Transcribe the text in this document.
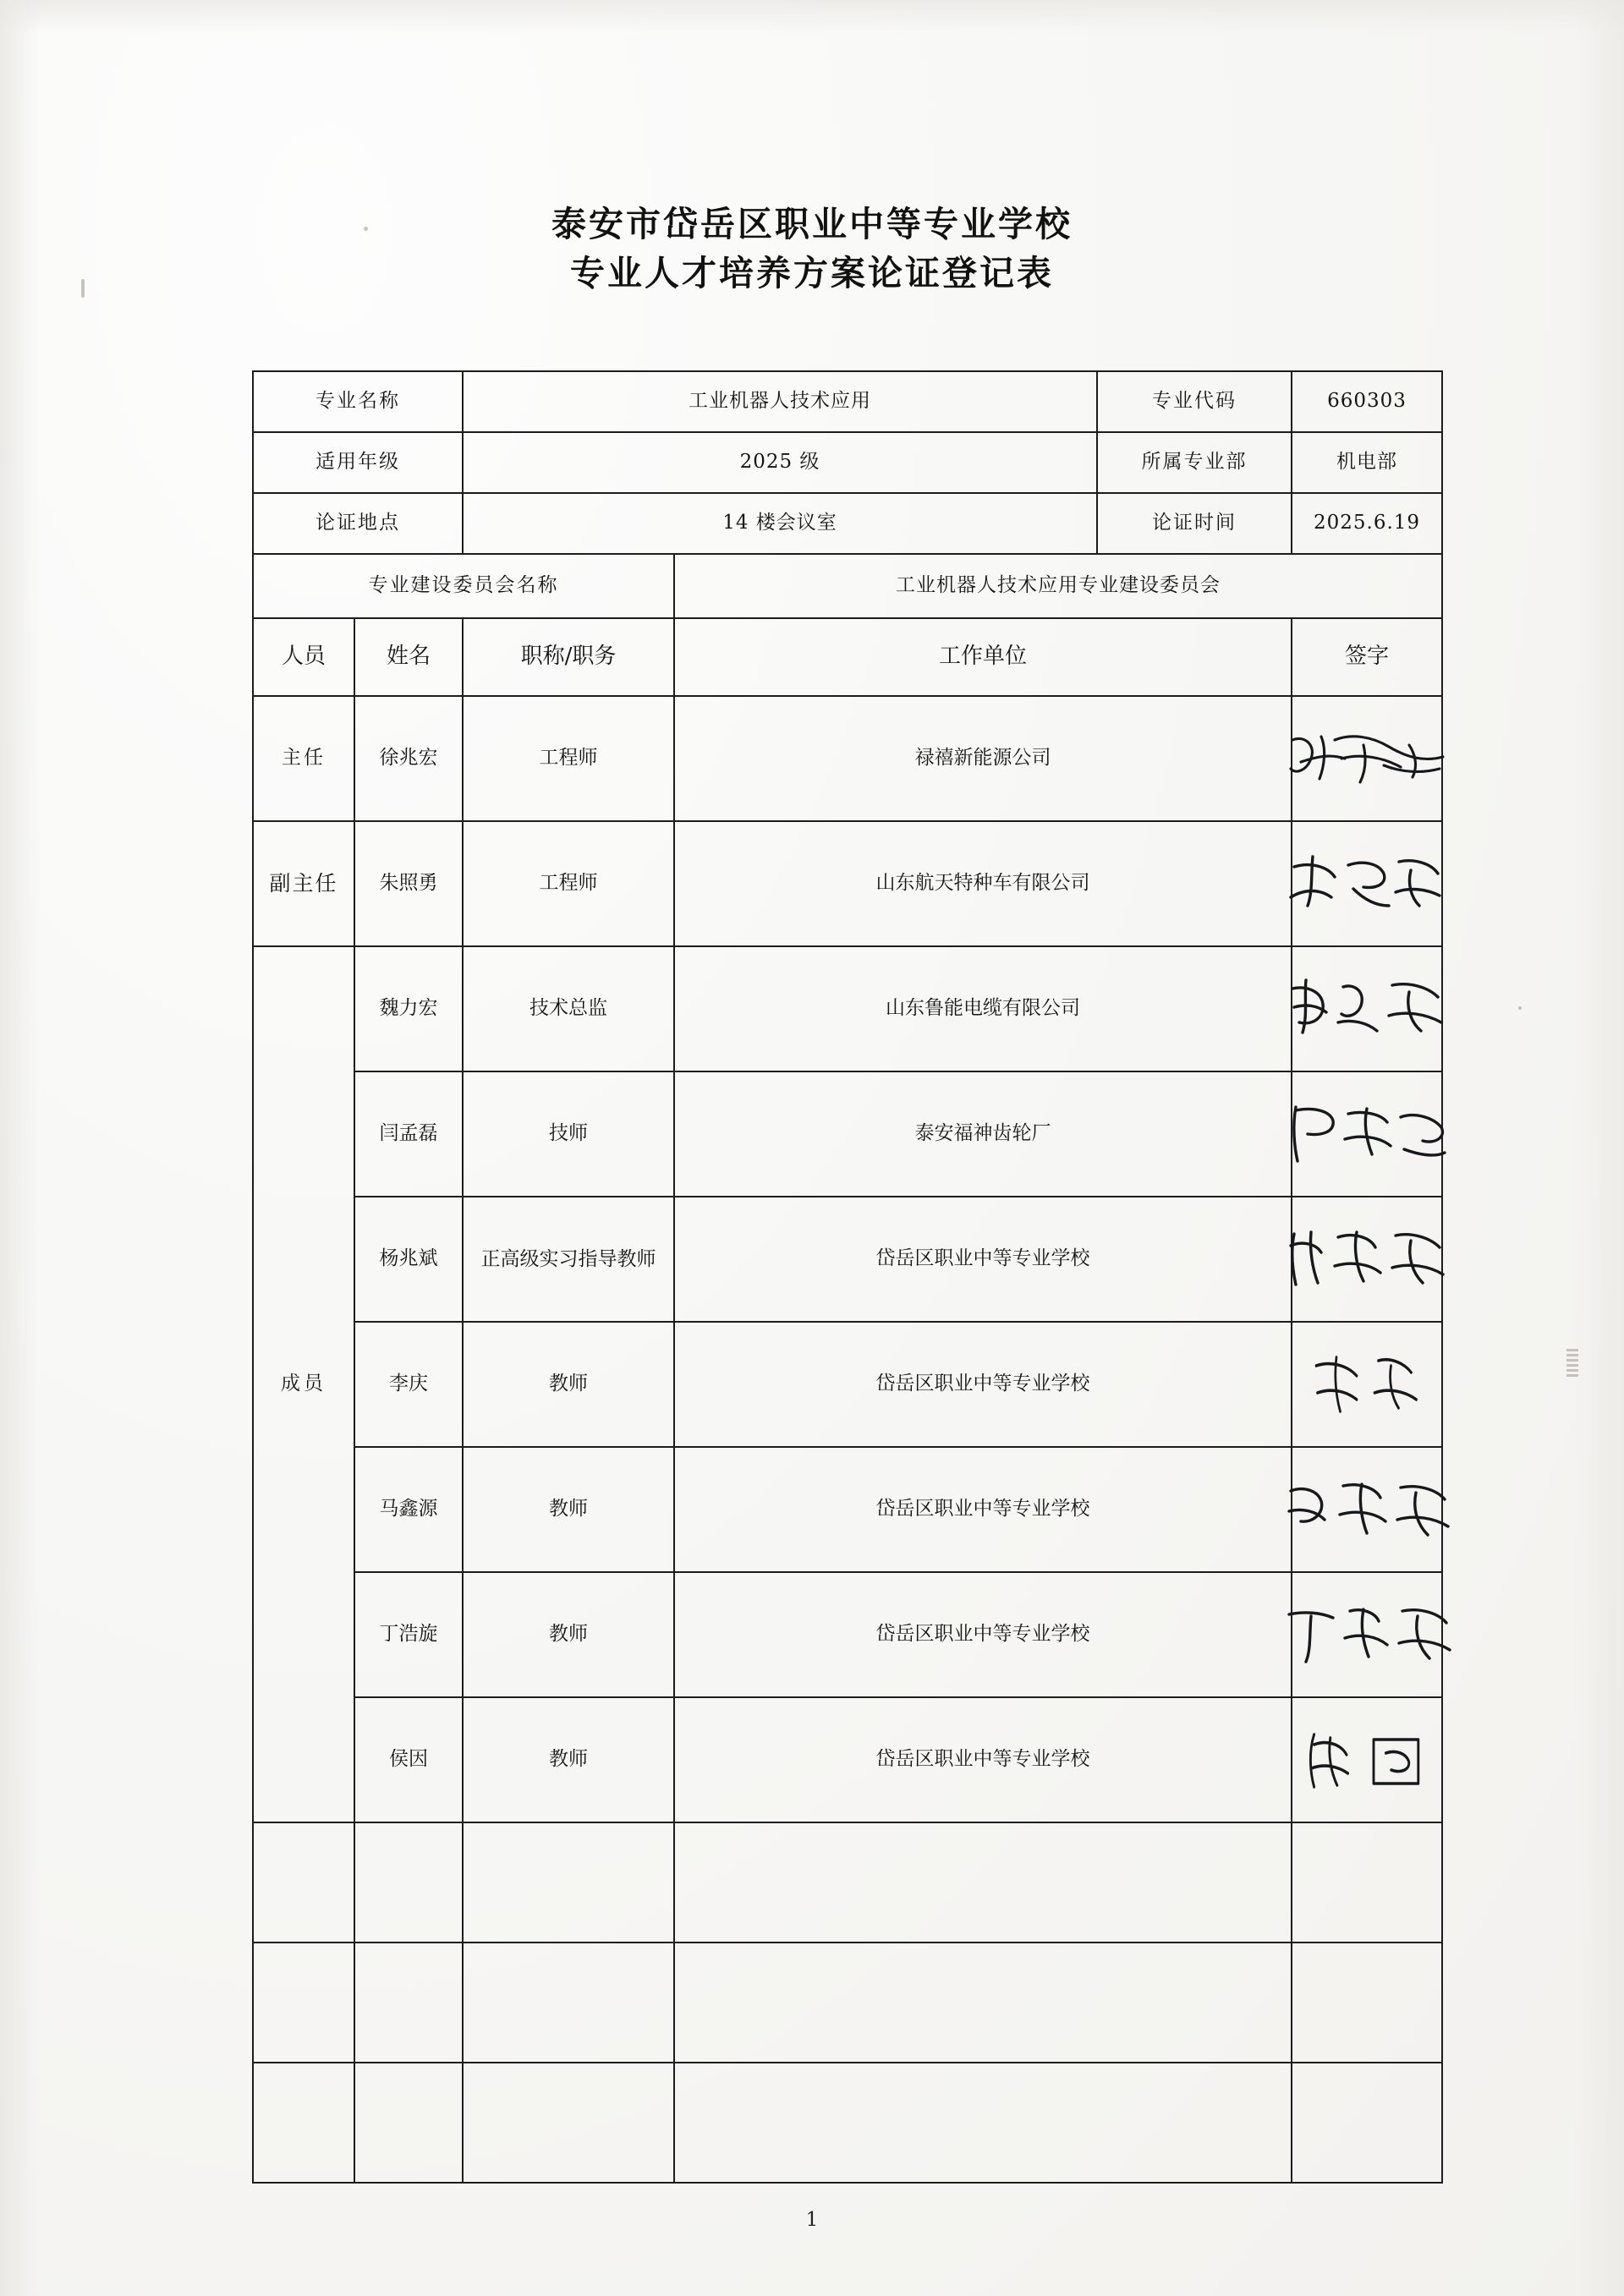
泰安市岱岳区职业中等专业学校
专业人才培养方案论证登记表
专业名称		工业机器人技术应用		专业代码	660303
适用年级		2025 级		所属专业部	机电部
论证地点		14 楼会议室		论证时间	2025.6.19
专业建设委员会名称			工业机器人技术应用专业建设委员会		
人员	姓名	职称/职务	工作单位		签字
主任	徐兆宏	工程师	禄禧新能源公司	

副主任	朱照勇	工程师	山东航天特种车有限公司	

成员	魏力宏	技术总监	山东鲁能电缆有限公司	

	闫孟磊	技师	泰安福神齿轮厂	

	杨兆斌	正高级实习指导教师	岱岳区职业中等专业学校	

	李庆	教师	岱岳区职业中等专业学校	

	马鑫源	教师	岱岳区职业中等专业学校	

	丁浩旋	教师	岱岳区职业中等专业学校	

	侯因	教师	岱岳区职业中等专业学校	

1
